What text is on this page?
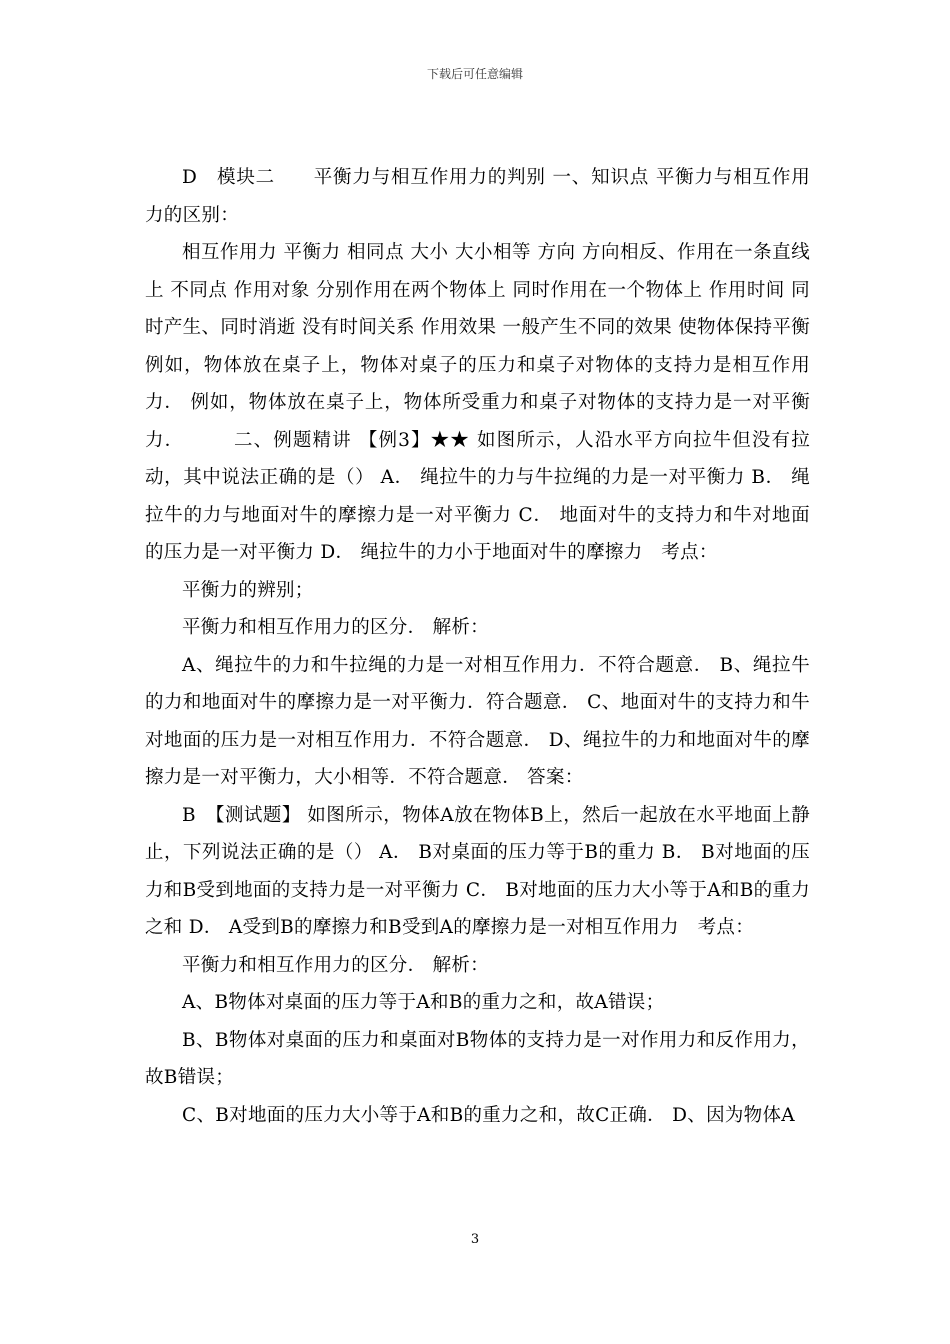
下载后可任意编辑

D　模块二　　平衡力与相互作用力的判别 一、知识点 平衡力与相互作用力的区别：

相互作用力 平衡力 相同点 大小 大小相等 方向 方向相反、作用在一条直线上 不同点 作用对象 分别作用在两个物体上 同时作用在一个物体上 作用时间 同时产生、同时消逝 没有时间关系 作用效果 一般产生不同的效果 使物体保持平衡 例如，物体放在桌子上，物体对桌子的压力和桌子对物体的支持力是相互作用力． 例如，物体放在桌子上，物体所受重力和桌子对物体的支持力是一对平衡力．　　　二、例题精讲 【例3】★★ 如图所示，人沿水平方向拉牛但没有拉动，其中说法正确的是（） A． 绳拉牛的力与牛拉绳的力是一对平衡力 B． 绳拉牛的力与地面对牛的摩擦力是一对平衡力 C． 地面对牛的支持力和牛对地面的压力是一对平衡力 D． 绳拉牛的力小于地面对牛的摩擦力　考点：

平衡力的辨别；

平衡力和相互作用力的区分． 解析：

A、绳拉牛的力和牛拉绳的力是一对相互作用力．不符合题意． B、绳拉牛的力和地面对牛的摩擦力是一对平衡力．符合题意． C、地面对牛的支持力和牛对地面的压力是一对相互作用力．不符合题意． D、绳拉牛的力和地面对牛的摩擦力是一对平衡力，大小相等．不符合题意． 答案：

B　【测试题】 如图所示，物体A放在物体B上，然后一起放在水平地面上静止，下列说法正确的是（） A． B对桌面的压力等于B的重力 B． B对地面的压力和B受到地面的支持力是一对平衡力 C． B对地面的压力大小等于A和B的重力之和 D． A受到B的摩擦力和B受到A的摩擦力是一对相互作用力　考点：

平衡力和相互作用力的区分． 解析：

A、B物体对桌面的压力等于A和B的重力之和，故A错误；

B、B物体对桌面的压力和桌面对B物体的支持力是一对作用力和反作用力，故B错误；

C、B对地面的压力大小等于A和B的重力之和，故C正确． D、因为物体A

3
